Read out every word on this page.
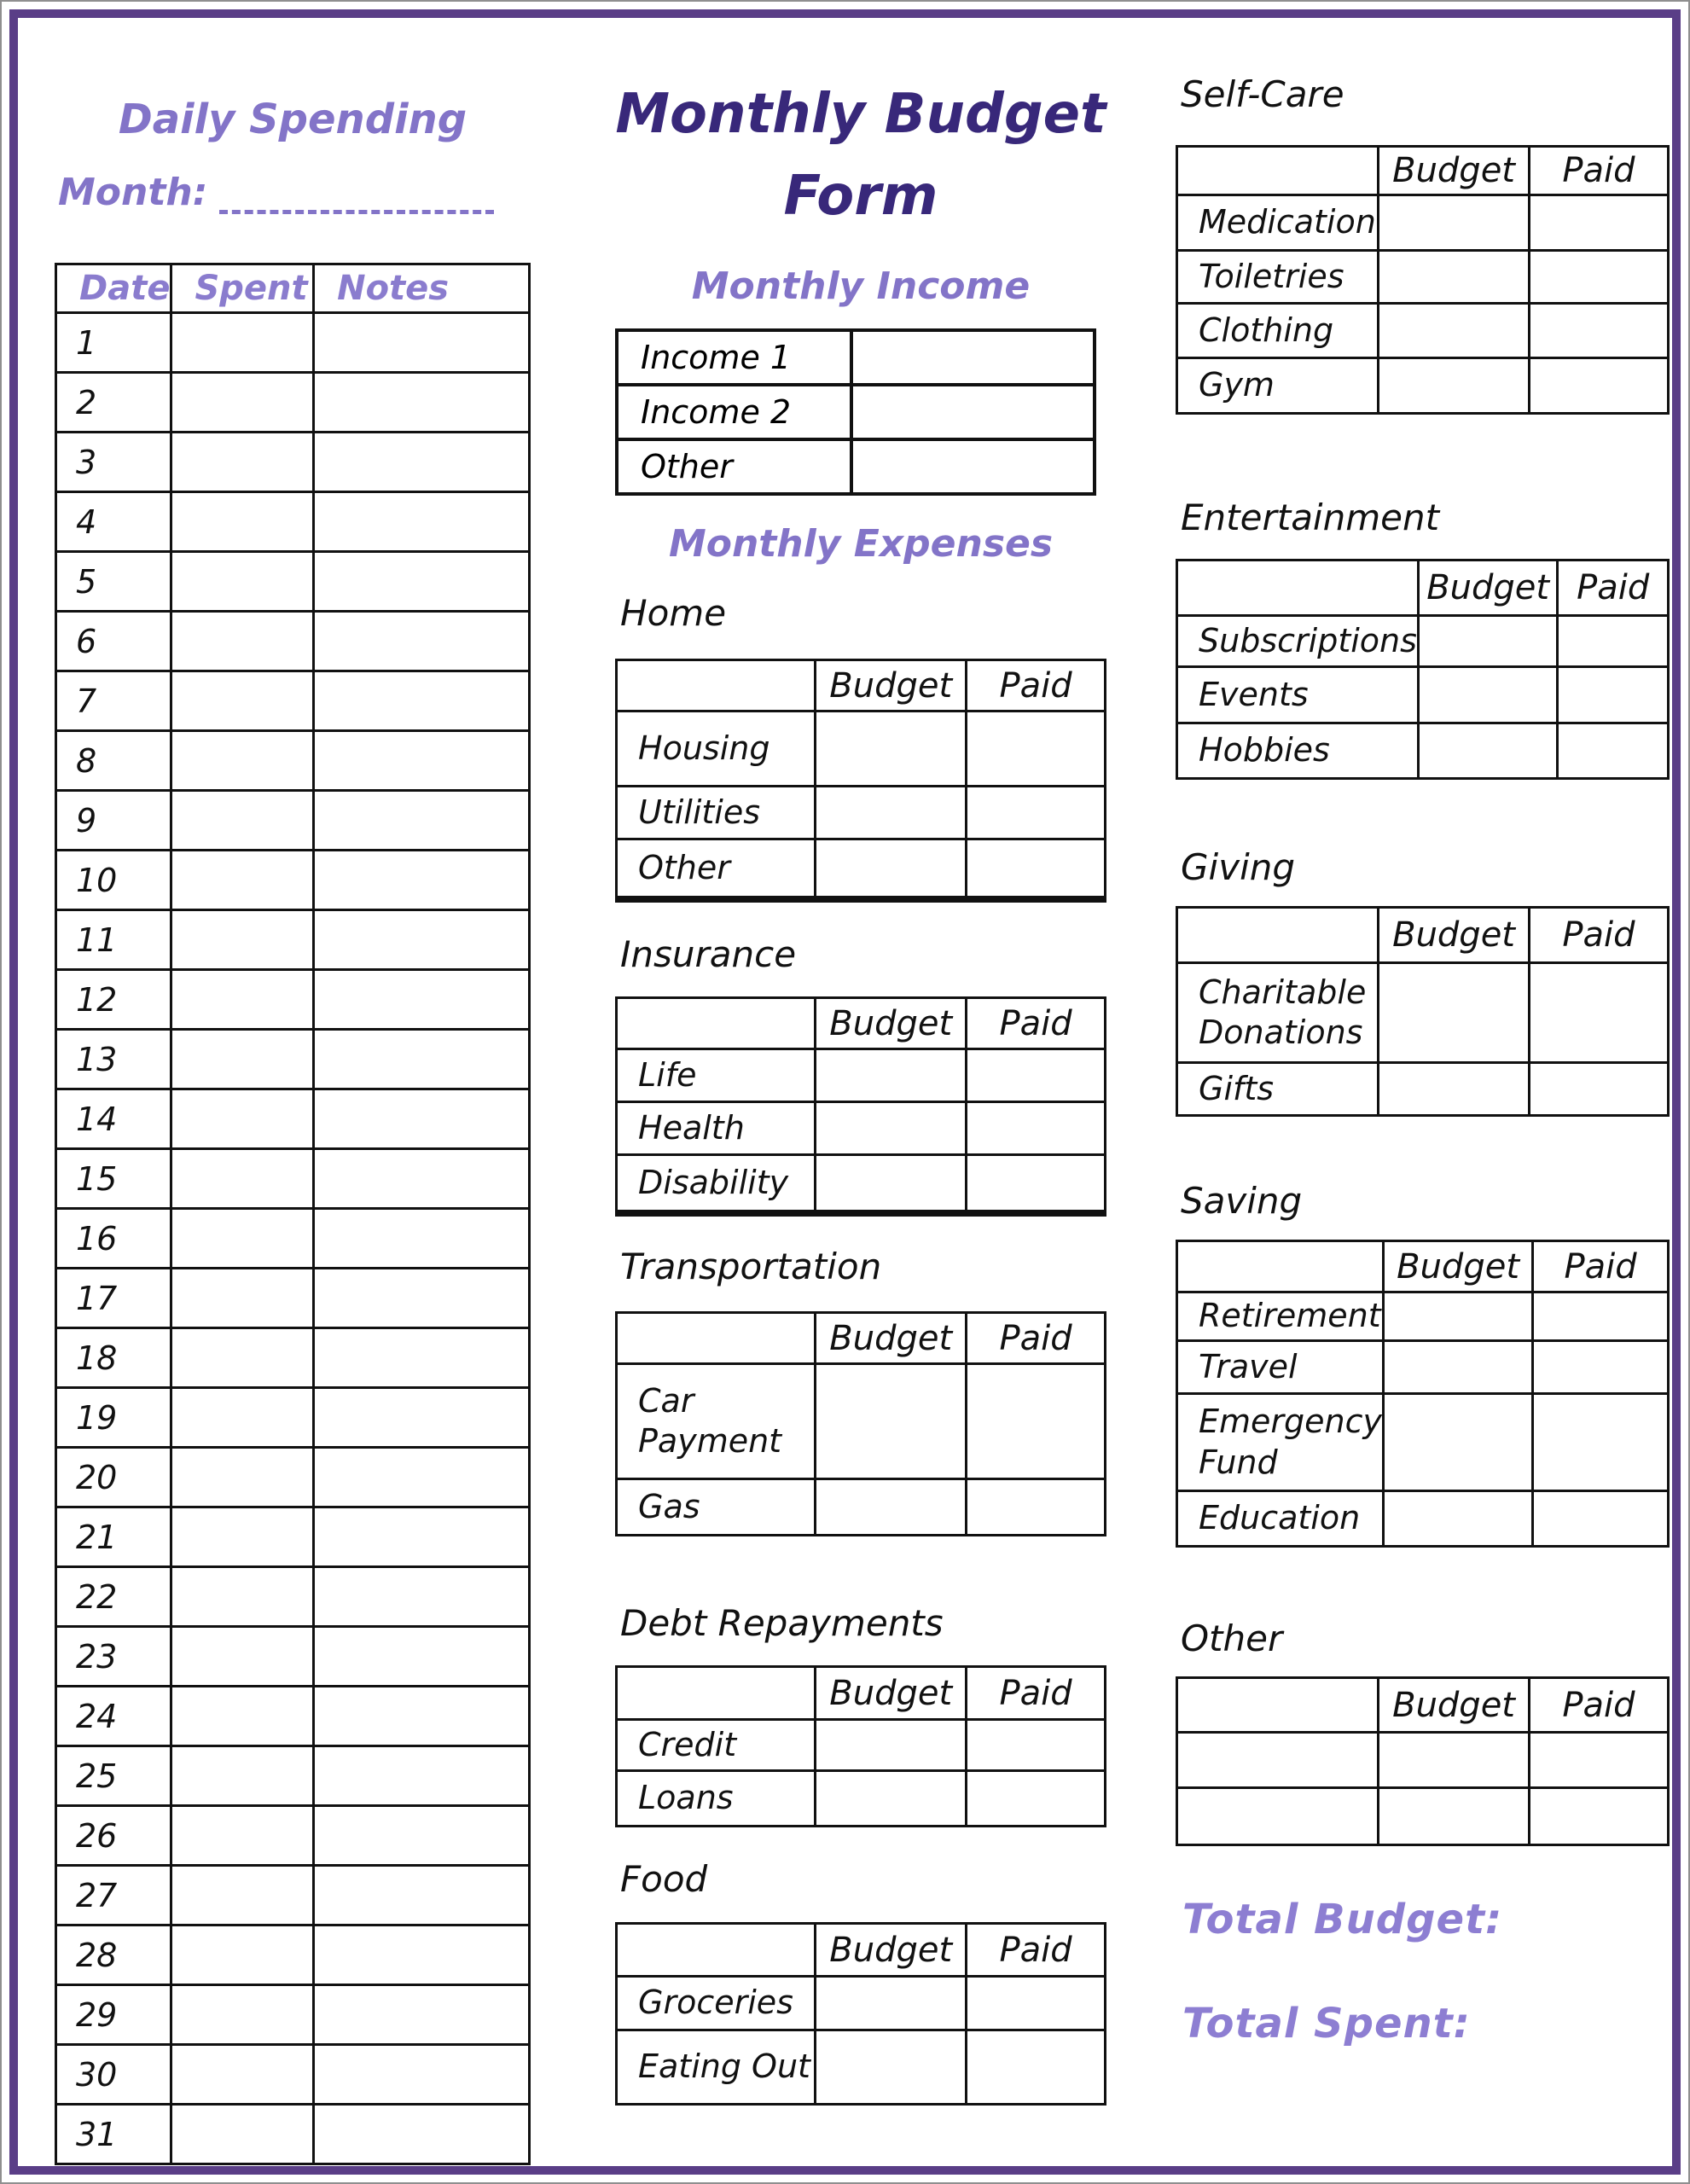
Daily Spending
Month:
Date	Spent	Notes
1		
2		
3		
4		
5		
6		
7		
8		
9		
10		
11		
12		
13		
14		
15		
16		
17		
18		
19		
20		
21		
22		
23		
24		
25		
26		
27		
28		
29		
30		
31		
Monthly Budget
Form
Monthly Income
Income 1	
Income 2	
Other	
Monthly Expenses
Home
	Budget	Paid
Housing		
Utilities		
Other		
Insurance
	Budget	Paid
Life		
Health		
Disability		
Transportation
	Budget	Paid
Car Payment		
Gas		
Debt Repayments
	Budget	Paid
Credit		
Loans		
Food
	Budget	Paid
Groceries		
Eating Out		
Self-Care
	Budget	Paid
Medication		
Toiletries		
Clothing		
Gym		
Entertainment
	Budget	Paid
Subscriptions		
Events		
Hobbies		
Giving
	Budget	Paid
Charitable Donations		
Gifts		
Saving
	Budget	Paid
Retirement		
Travel		
Emergency Fund		
Education		
Other
	Budget	Paid

Total Budget:
Total Spent:
